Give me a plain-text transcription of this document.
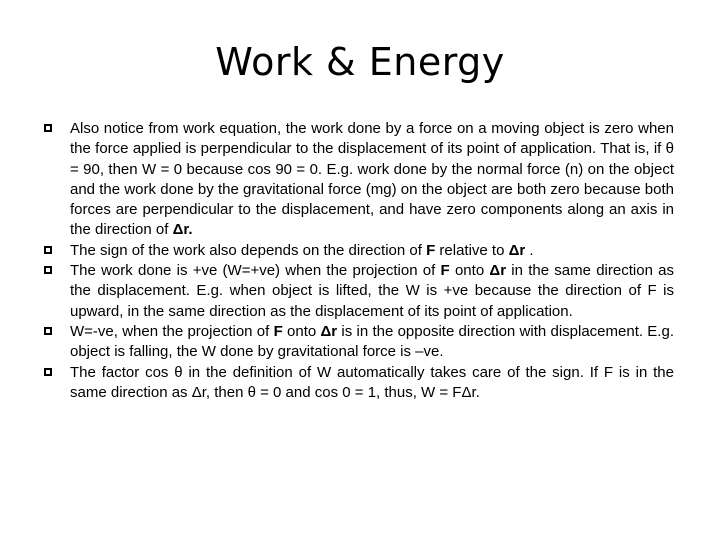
Work & Energy
Also notice from work equation, the work done by a force on a moving object is zero when the force applied is perpendicular to the displacement of its point of application. That is, if θ = 90, then W = 0 because cos 90 = 0. E.g. work done by the normal force (n) on the object and the work done by the gravitational force (mg) on the object are both zero because both forces are perpendicular to the displacement, and have zero components along an axis in the direction of Δr.
The sign of the work also depends on the direction of F relative to Δr .
The work done is +ve (W=+ve) when the projection of F onto Δr in the same direction as the displacement. E.g. when object is lifted, the W is +ve because the direction of F is upward, in the same direction as the displacement of its point of application.
W=-ve, when the projection of F onto Δr is in the opposite direction with displacement. E.g. object is falling, the W done by gravitational force is –ve.
The factor cos θ in the definition of W automatically takes care of the sign. If F is in the same direction as Δr, then θ = 0 and cos 0 = 1, thus, W = FΔr.
